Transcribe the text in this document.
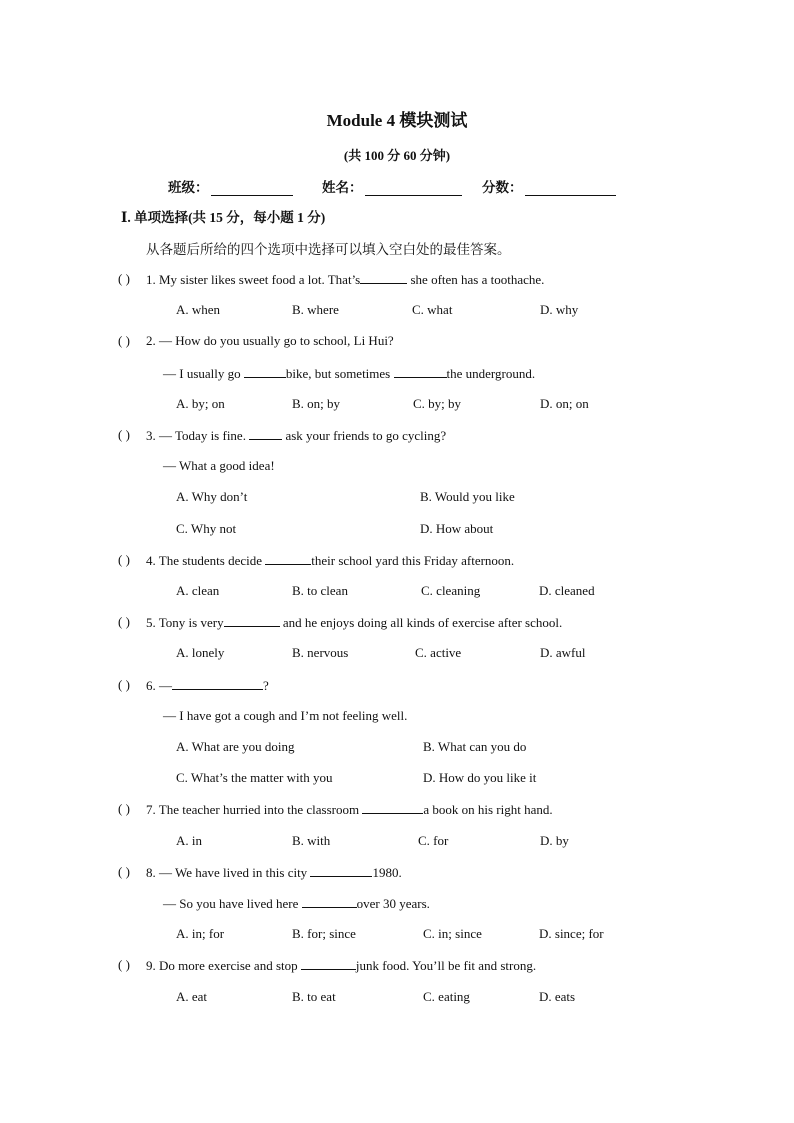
Module 4 模块测试
(共 100 分 60 分钟)
班级：	姓名：	分数：
Ⅰ. 单项选择(共 15 分，每小题 1 分)
从各题后所给的四个选项中选择可以填入空白处的最佳答案。
( ) 1. My sister likes sweet food a lot. That’s	she often has a toothache.
A. when	B. where	C. what	D. why
( ) 2. — How do you usually go to school, Li Hui?
— I usually go	bike, but sometimes	the underground.
A. by; on	B. on; by	C. by; by	D. on; on
( ) 3. — Today is fine.	ask your friends to go cycling?
— What a good idea!
A. Why don’t	B. Would you like
C. Why not	D. How about
( ) 4. The students decide	their school yard this Friday afternoon.
A. clean	B. to clean	C. cleaning	D. cleaned
( ) 5. Tony is very	and he enjoys doing all kinds of exercise after school.
A. lonely	B. nervous	C. active	D. awful
( ) 6. —	?
— I have got a cough and I’m not feeling well.
A. What are you doing	B. What can you do
C. What’s the matter with you	D. How do you like it
( ) 7. The teacher hurried into the classroom	a book on his right hand.
A. in	B. with	C. for	D. by
( ) 8. — We have lived in this city	1980.
— So you have lived here	over 30 years.
A. in; for	B. for; since	C. in; since	D. since; for
( ) 9. Do more exercise and stop	junk food. You’ll be fit and strong.
A. eat	B. to eat	C. eating	D. eats
